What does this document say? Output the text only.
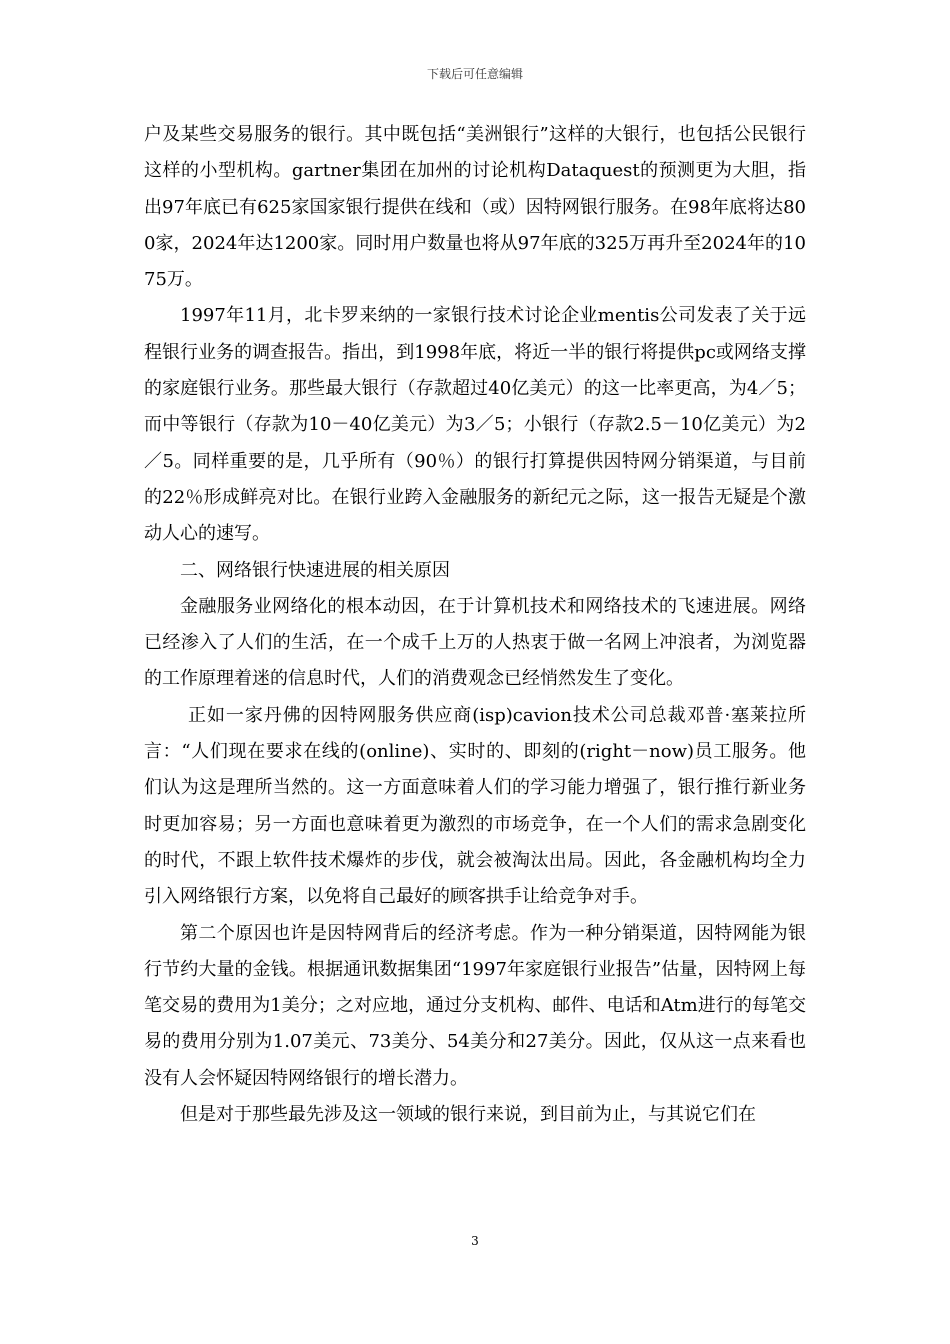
下载后可任意编辑

户及某些交易服务的银行。其中既包括“美洲银行”这样的大银行，也包括公民银行这样的小型机构。gartner集团在加州的讨论机构Dataquest的预测更为大胆，指出97年底已有625家国家银行提供在线和（或）因特网银行服务。在98年底将达800家，2024年达1200家。同时用户数量也将从97年底的325万再升至2024年的1075万。

1997年11月，北卡罗来纳的一家银行技术讨论企业mentis公司发表了关于远程银行业务的调查报告。指出，到1998年底，将近一半的银行将提供pc或网络支撑的家庭银行业务。那些最大银行（存款超过40亿美元）的这一比率更高，为4／5；而中等银行（存款为10－40亿美元）为3／5；小银行（存款2.5－10亿美元）为2／5。同样重要的是，几乎所有（90％）的银行打算提供因特网分销渠道，与目前的22％形成鲜亮对比。在银行业跨入金融服务的新纪元之际，这一报告无疑是个激动人心的速写。

二、网络银行快速进展的相关原因

金融服务业网络化的根本动因，在于计算机技术和网络技术的飞速进展。网络已经渗入了人们的生活，在一个成千上万的人热衷于做一名网上冲浪者，为浏览器的工作原理着迷的信息时代，人们的消费观念已经悄然发生了变化。

正如一家丹佛的因特网服务供应商(isp)cavion技术公司总裁邓普·塞莱拉所言：“人们现在要求在线的(online)、实时的、即刻的(right－now)员工服务。他们认为这是理所当然的。这一方面意味着人们的学习能力增强了，银行推行新业务时更加容易；另一方面也意味着更为激烈的市场竞争，在一个人们的需求急剧变化的时代，不跟上软件技术爆炸的步伐，就会被淘汰出局。因此，各金融机构均全力引入网络银行方案，以免将自己最好的顾客拱手让给竞争对手。

第二个原因也许是因特网背后的经济考虑。作为一种分销渠道，因特网能为银行节约大量的金钱。根据通讯数据集团“1997年家庭银行业报告”估量，因特网上每笔交易的费用为1美分；之对应地，通过分支机构、邮件、电话和Atm进行的每笔交易的费用分别为1.07美元、73美分、54美分和27美分。因此，仅从这一点来看也没有人会怀疑因特网络银行的增长潜力。

但是对于那些最先涉及这一领域的银行来说，到目前为止，与其说它们在

3
